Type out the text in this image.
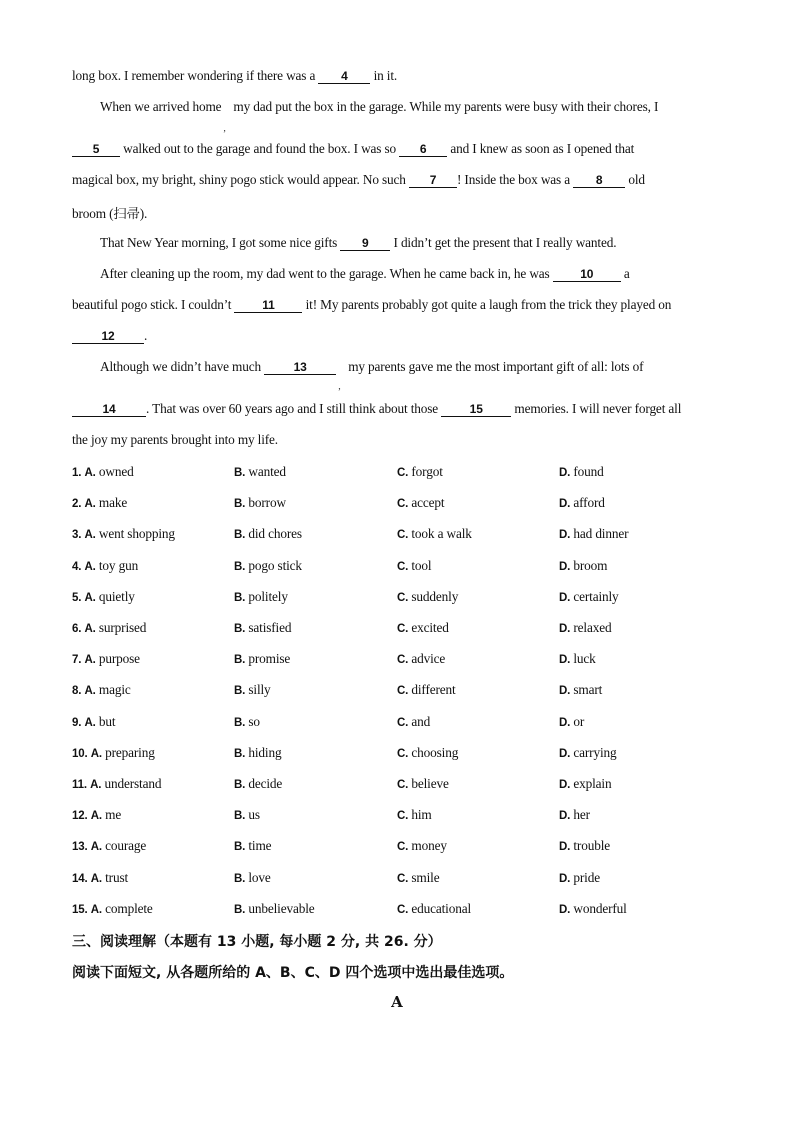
long box. I remember wondering if there was a 4 in it.
When we arrived home
,
my dad put the box in the garage. While my parents were busy with their chores, I
5 walked out to the garage and found the box. I was so 6 and I knew as soon as I opened that
magical box, my bright, shiny pogo stick would appear. No such 7 ! Inside the box was a 8 old
broom (扫帚).
That New Year morning, I got some nice gifts 9 I didn’t get the present that I really wanted.
After cleaning up the room, my dad went to the garage. When he came back in, he was 10 a
beautiful pogo stick. I couldn’t 11 it! My parents probably got quite a laugh from the trick they played on
12 .
Although we didn’t have much 13
,
my parents gave me the most important gift of all: lots of
14 . That was over 60 years ago and I still think about those 15 memories. I will never forget all
the joy my parents brought into my life.
1. A. owned	B. wanted	C. forgot	D. found
2. A. make	B. borrow	C. accept	D. afford
3. A. went shopping	B. did chores	C. took a walk	D. had dinner
4. A. toy gun	B. pogo stick	C. tool	D. broom
5. A. quietly	B. politely	C. suddenly	D. certainly
6. A. surprised	B. satisfied	C. excited	D. relaxed
7. A. purpose	B. promise	C. advice	D. luck
8. A. magic	B. silly	C. different	D. smart
9. A. but	B. so	C. and	D. or
10. A. preparing	B. hiding	C. choosing	D. carrying
11. A. understand	B. decide	C. believe	D. explain
12. A. me	B. us	C. him	D. her
13. A. courage	B. time	C. money	D. trouble
14. A. trust	B. love	C. smile	D. pride
15. A. complete	B. unbelievable	C. educational	D. wonderful
三、阅读理解（本题有 13 小题, 每小题 2 分, 共 26. 分）
阅读下面短文, 从各题所给的 A、B、C、D 四个选项中选出最佳选项。
A
